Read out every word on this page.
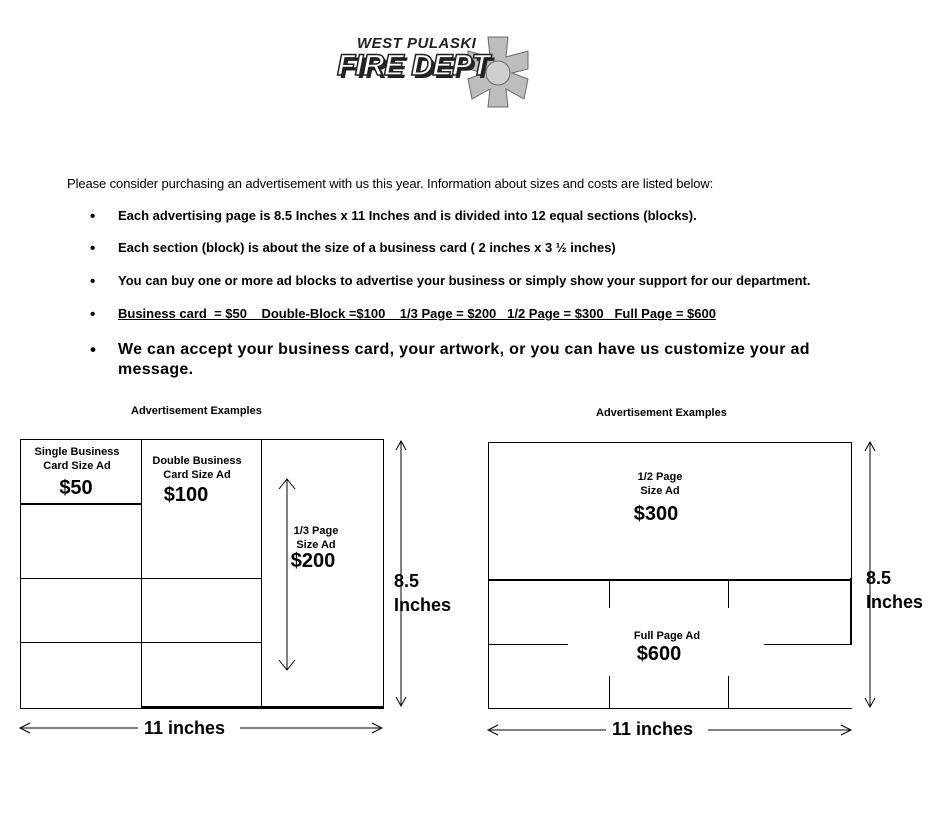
WEST PULASKI
FIRE DEPT
Please consider purchasing an advertisement with us this year. Information about sizes and costs are listed below:
• Each advertising page is 8.5 Inches x 11 Inches and is divided into 12 equal sections (blocks).
• Each section (block) is about the size of a business card ( 2 inches x 3 ½ inches)
• You can buy one or more ad blocks to advertise your business or simply show your support for our department.
• Business card  = $50    Double-Block =$100    1/3 Page = $200   1/2 Page = $300   Full Page = $600
• We can accept your business card, your artwork, or you can have us customize your ad message.
Advertisement Examples	Advertisement Examples
Single Business
Card Size Ad
$50
Double Business
Card Size Ad
$100
1/3 Page
Size Ad
$200
8.5
Inches
11 inches
1/2 Page
Size Ad
$300
Full Page Ad
$600
8.5
Inches
11 inches
